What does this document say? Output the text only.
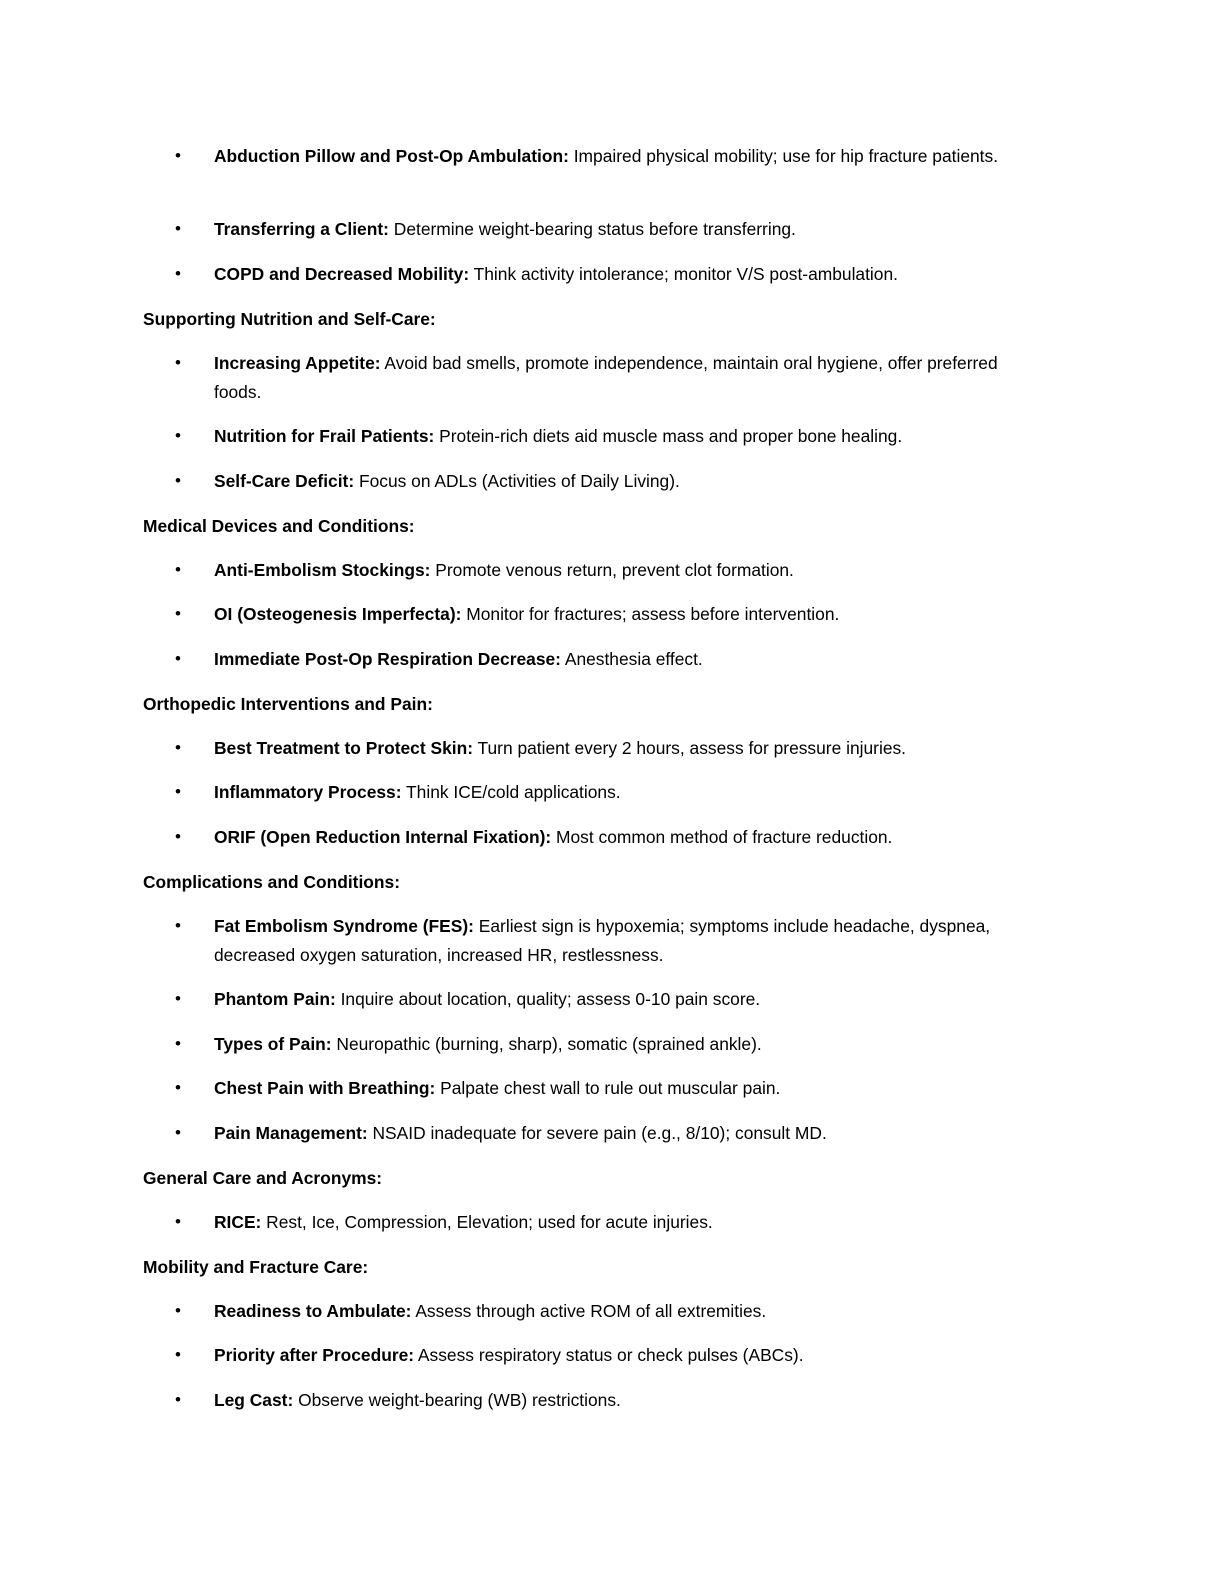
• Abduction Pillow and Post-Op Ambulation: Impaired physical mobility; use for hip fracture patients.
• Transferring a Client: Determine weight-bearing status before transferring.
• COPD and Decreased Mobility: Think activity intolerance; monitor V/S post-ambulation.
Supporting Nutrition and Self-Care:
• Increasing Appetite: Avoid bad smells, promote independence, maintain oral hygiene, offer preferred foods.
• Nutrition for Frail Patients: Protein-rich diets aid muscle mass and proper bone healing.
• Self-Care Deficit: Focus on ADLs (Activities of Daily Living).
Medical Devices and Conditions:
• Anti-Embolism Stockings: Promote venous return, prevent clot formation.
• OI (Osteogenesis Imperfecta): Monitor for fractures; assess before intervention.
• Immediate Post-Op Respiration Decrease: Anesthesia effect.
Orthopedic Interventions and Pain:
• Best Treatment to Protect Skin: Turn patient every 2 hours, assess for pressure injuries.
• Inflammatory Process: Think ICE/cold applications.
• ORIF (Open Reduction Internal Fixation): Most common method of fracture reduction.
Complications and Conditions:
• Fat Embolism Syndrome (FES): Earliest sign is hypoxemia; symptoms include headache, dyspnea, decreased oxygen saturation, increased HR, restlessness.
• Phantom Pain: Inquire about location, quality; assess 0-10 pain score.
• Types of Pain: Neuropathic (burning, sharp), somatic (sprained ankle).
• Chest Pain with Breathing: Palpate chest wall to rule out muscular pain.
• Pain Management: NSAID inadequate for severe pain (e.g., 8/10); consult MD.
General Care and Acronyms:
• RICE: Rest, Ice, Compression, Elevation; used for acute injuries.
Mobility and Fracture Care:
• Readiness to Ambulate: Assess through active ROM of all extremities.
• Priority after Procedure: Assess respiratory status or check pulses (ABCs).
• Leg Cast: Observe weight-bearing (WB) restrictions.
